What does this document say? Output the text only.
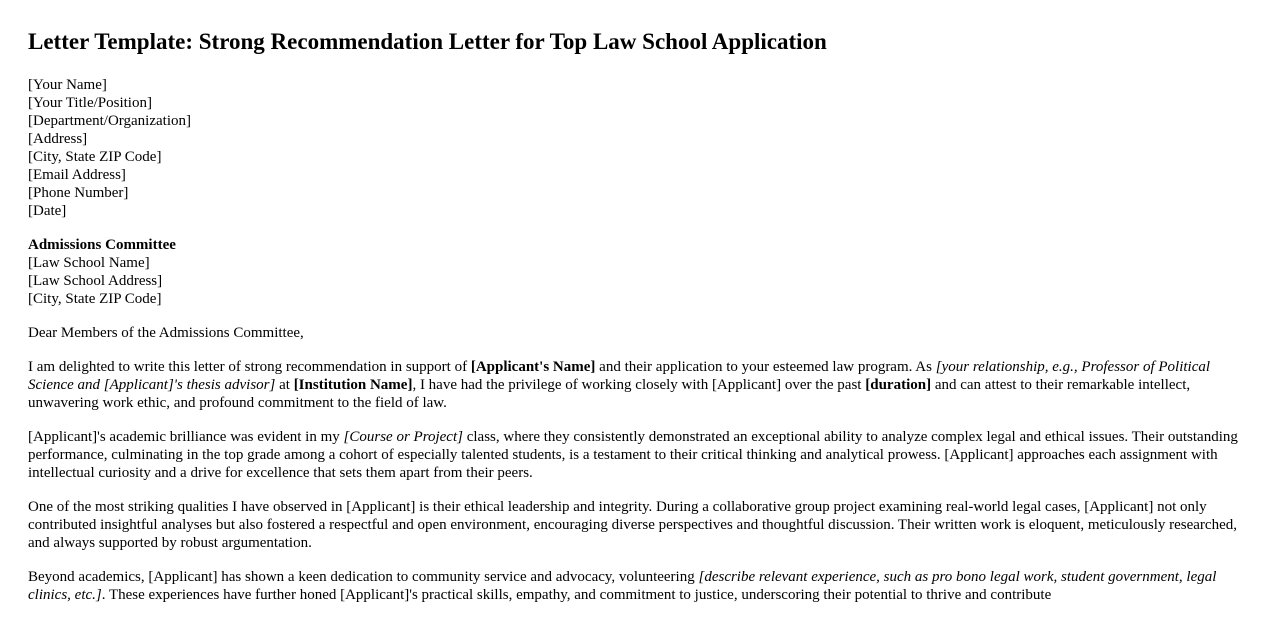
Letter Template: Strong Recommendation Letter for Top Law School Application
[Your Name]
[Your Title/Position]
[Department/Organization]
[Address]
[City, State ZIP Code]
[Email Address]
[Phone Number]
[Date]
Admissions Committee
[Law School Name]
[Law School Address]
[City, State ZIP Code]

Dear Members of the Admissions Committee,

I am delighted to write this letter of strong recommendation in support of [Applicant's Name] and their application to your esteemed law program. As [your relationship, e.g., Professor of Political Science and [Applicant]'s thesis advisor] at [Institution Name], I have had the privilege of working closely with [Applicant] over the past [duration] and can attest to their remarkable intellect, unwavering work ethic, and profound commitment to the field of law.

[Applicant]'s academic brilliance was evident in my [Course or Project] class, where they consistently demonstrated an exceptional ability to analyze complex legal and ethical issues. Their outstanding performance, culminating in the top grade among a cohort of especially talented students, is a testament to their critical thinking and analytical prowess. [Applicant] approaches each assignment with intellectual curiosity and a drive for excellence that sets them apart from their peers.

One of the most striking qualities I have observed in [Applicant] is their ethical leadership and integrity. During a collaborative group project examining real-world legal cases, [Applicant] not only contributed insightful analyses but also fostered a respectful and open environment, encouraging diverse perspectives and thoughtful discussion. Their written work is eloquent, meticulously researched, and always supported by robust argumentation.

Beyond academics, [Applicant] has shown a keen dedication to community service and advocacy, volunteering [describe relevant experience, such as pro bono legal work, student government, legal clinics, etc.]. These experiences have further honed [Applicant]'s practical skills, empathy, and commitment to justice, underscoring their potential to thrive and contribute
